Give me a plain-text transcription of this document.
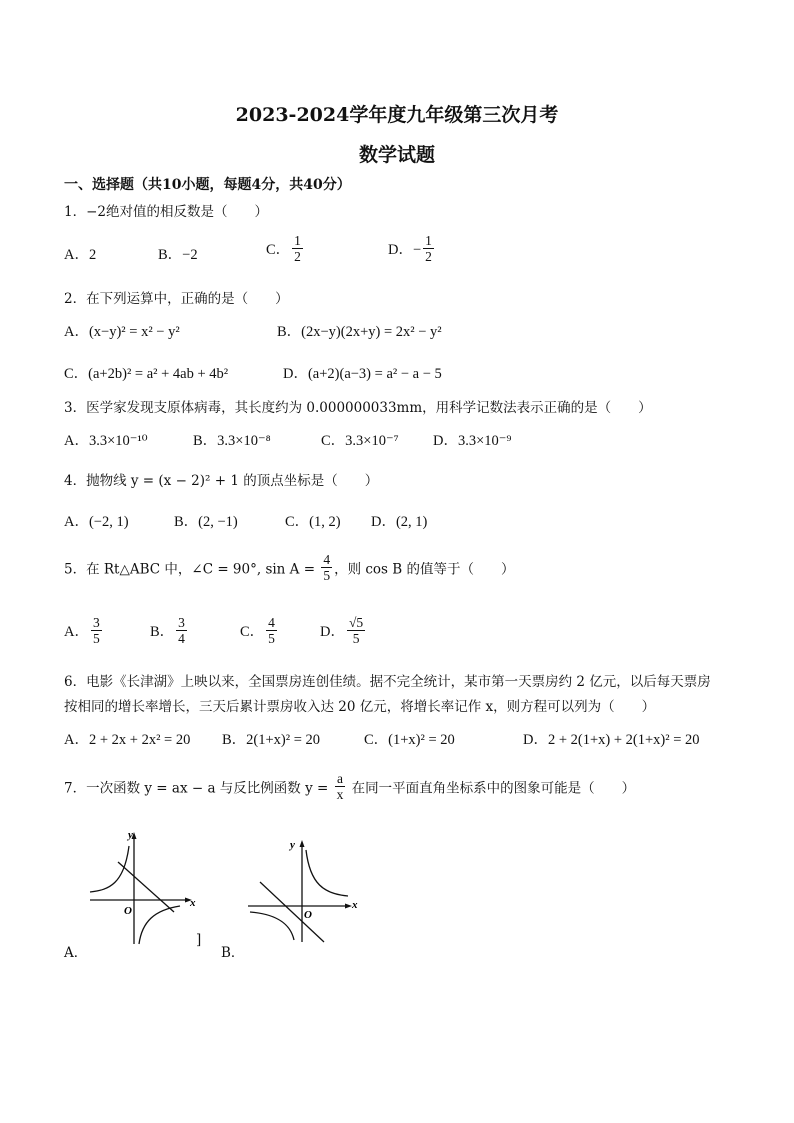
2023-2024学年度九年级第三次月考
数学试题
一、选择题（共10小题，每题4分，共40分）
1．−2绝对值的相反数是（　　）
A．2	B．−2	C． $\frac{1}{2}$	D．− $\frac{1}{2}$
2．在下列运算中，正确的是（　　）
A．(x−y)² = x² − y²	B．(2x−y)(2x+y) = 2x² − y²
C．(a+2b)² = a² + 4ab + 4b²	D．(a+2)(a−3) = a² − a − 5
3．医学家发现支原体病毒，其长度约为 0.000000033mm，用科学记数法表示正确的是（　　）
A．3.3×10⁻¹⁰	B．3.3×10⁻⁸	C．3.3×10⁻⁷ D．3.3×10⁻⁹
4．抛物线 y = (x − 2)² + 1 的顶点坐标是（　　）
A．(−2, 1)	B．(2, −1)	C．(1, 2) D．(2, 1)
5．在 Rt△ABC 中，∠C = 90°, $\sin A = \frac{4}{5}$ ，则 cos B 的值等于（　　）
A． $\frac{3}{5}$	B． $\frac{3}{4}$	C． $\frac{4}{5}$	D． $\frac{√5}{5}$
6．电影《长津湖》上映以来，全国票房连创佳绩。据不完全统计，某市第一天票房约 2 亿元，以后每天票房
按相同的增长率增长，三天后累计票房收入达 20 亿元，将增长率记作 x，则方程可以列为（　　）
A．2 + 2x + 2x² = 20 B．2(1+x)² = 20	C．(1+x)² = 20	D．2 + 2(1+x) + 2(1+x)² = 20
7．一次函数 y = ax − a 与反比例函数 $y = \frac{a}{x}$ 在同一平面直角坐标系中的图象可能是（　　）
A．	B．
]
y
x
O
y
x
O
